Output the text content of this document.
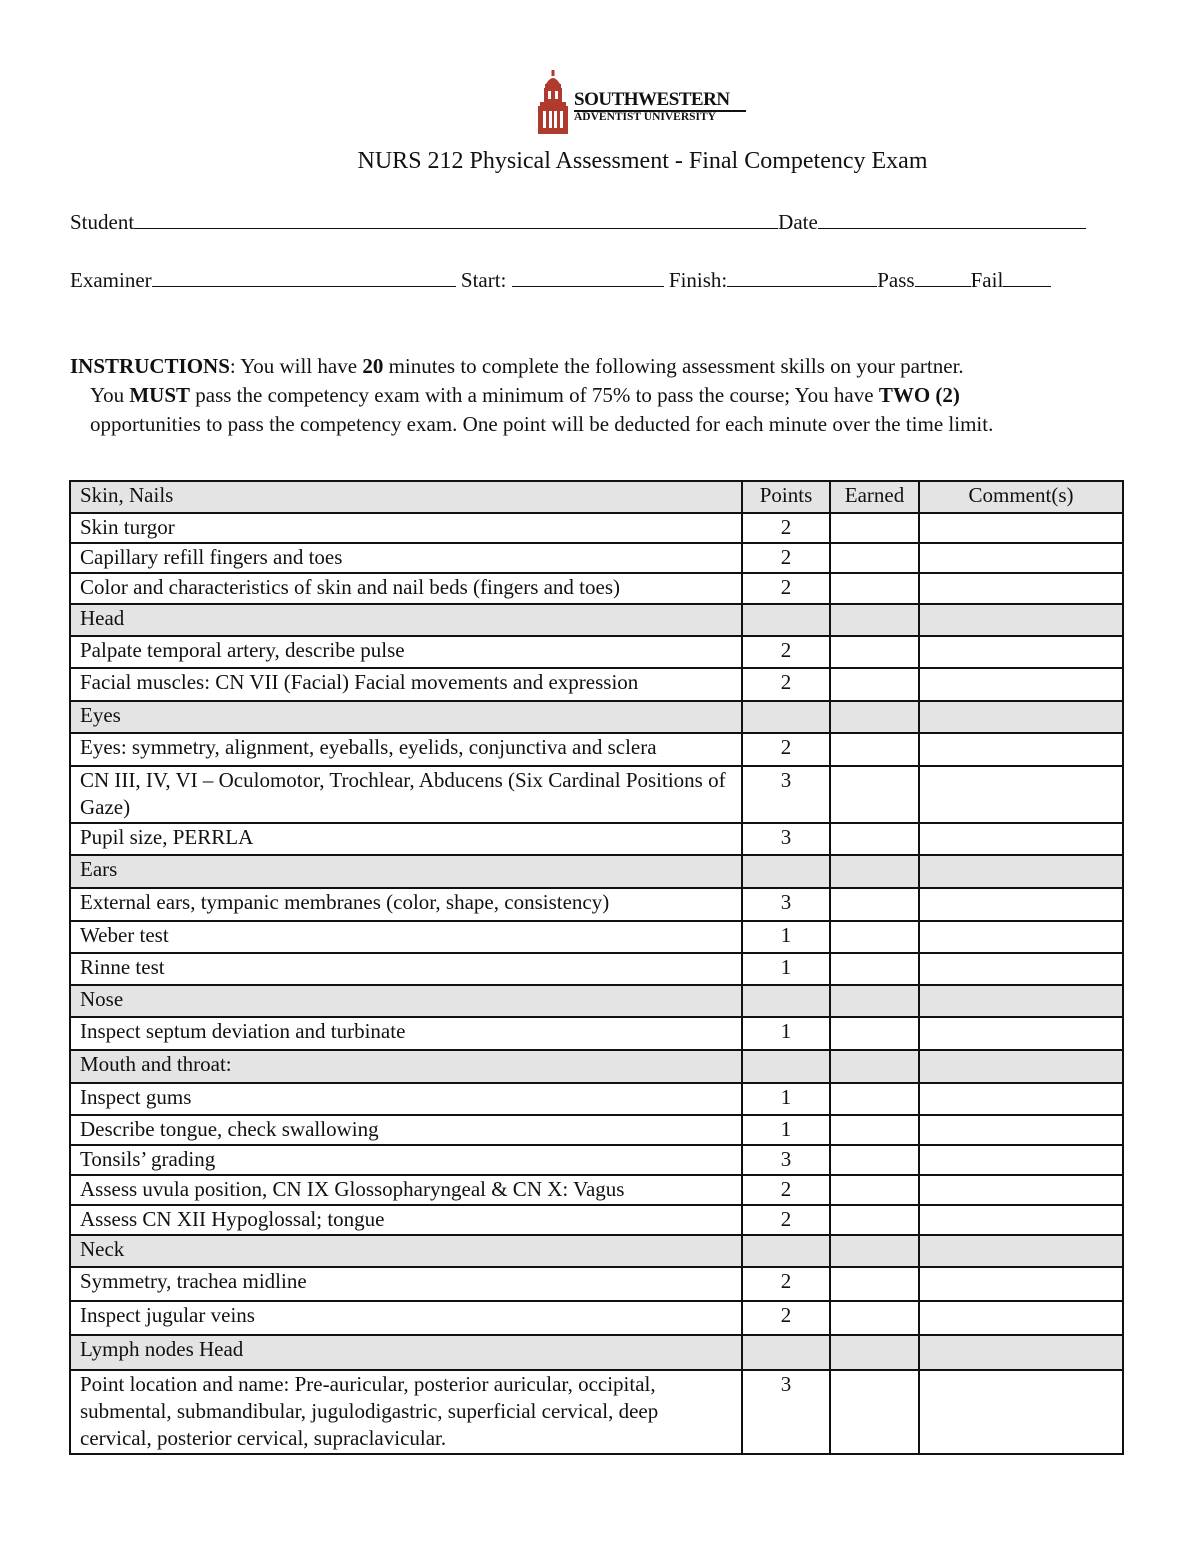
SOUTHWESTERN
ADVENTIST UNIVERSITY
NURS 212 Physical Assessment - Final Competency Exam
Student	Date
Examiner	Start:	Finish:	Pass	Fail
INSTRUCTIONS: You will have 20 minutes to complete the following assessment skills on your partner.
You MUST pass the competency exam with a minimum of 75% to pass the course; You have TWO (2)
opportunities to pass the competency exam. One point will be deducted for each minute over the time limit.
Skin, Nails	Points	Earned	Comment(s)
Skin turgor	2		
Capillary refill fingers and toes	2		
Color and characteristics of skin and nail beds (fingers and toes)	2		
Head			
Palpate temporal artery, describe pulse	2		
Facial muscles: CN VII (Facial) Facial movements and expression	2		
Eyes			
Eyes: symmetry, alignment, eyeballs, eyelids, conjunctiva and sclera	2		
CN III, IV, VI – Oculomotor, Trochlear, Abducens (Six Cardinal Positions of Gaze)	3		
Pupil size, PERRLA	3		
Ears			
External ears, tympanic membranes (color, shape, consistency)	3		
Weber test	1		
Rinne test	1		
Nose			
Inspect septum deviation and turbinate	1		
Mouth and throat:			
Inspect gums	1		
Describe tongue, check swallowing	1		
Tonsils’ grading	3		
Assess uvula position, CN IX Glossopharyngeal & CN X: Vagus	2		
Assess CN XII Hypoglossal; tongue	2		
Neck			
Symmetry, trachea midline	2		
Inspect jugular veins	2		
Lymph nodes Head			
Point location and name: Pre-auricular, posterior auricular, occipital, submental, submandibular, jugulodigastric, superficial cervical, deep cervical, posterior cervical, supraclavicular.	3		
